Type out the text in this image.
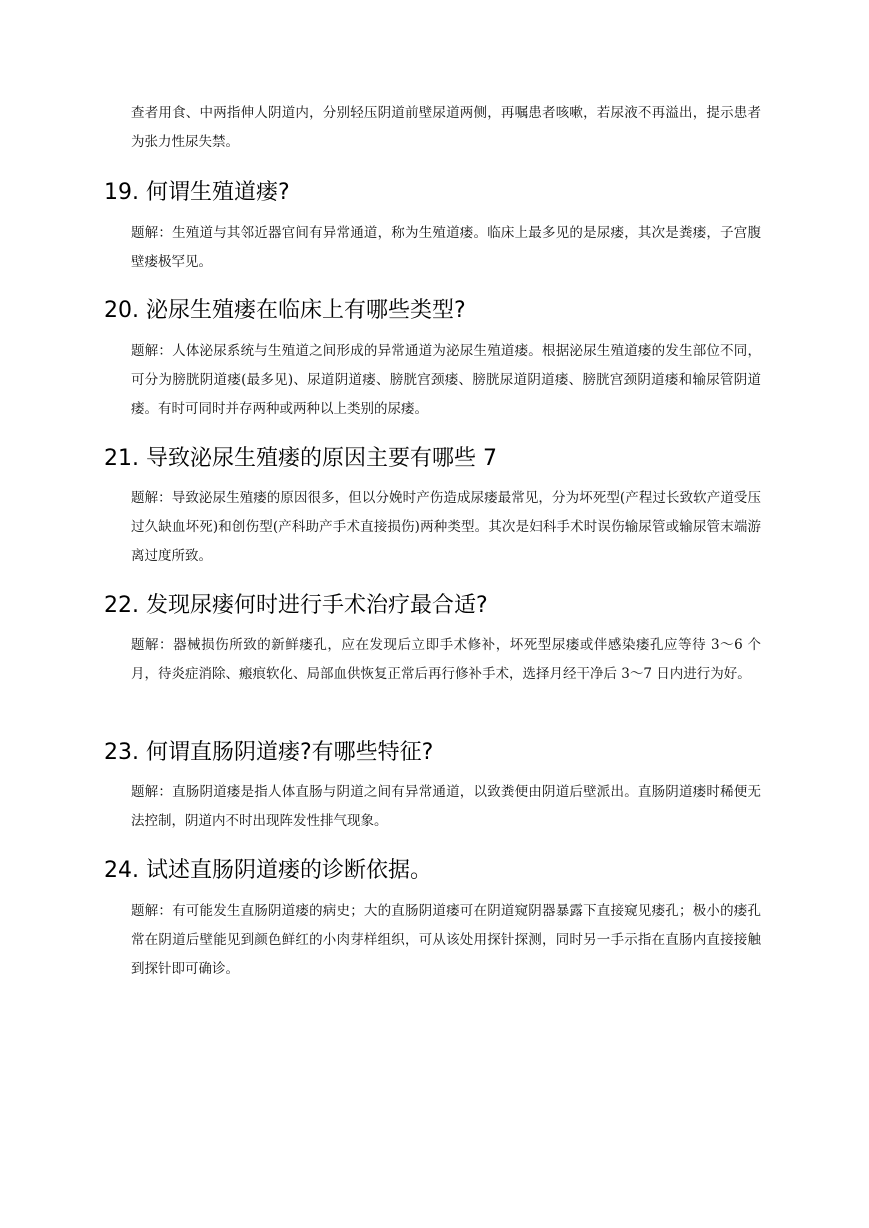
查者用食、中两指伸人阴道内，分别轻压阴道前壁尿道两侧，再嘱患者咳嗽，若尿液不再溢出，提示患者为张力性尿失禁。

19. 何谓生殖道瘘?

题解：生殖道与其邻近器官间有异常通道，称为生殖道瘘。临床上最多见的是尿瘘，其次是粪瘘，子宫腹壁瘘极罕见。

20. 泌尿生殖瘘在临床上有哪些类型?

题解：人体泌尿系统与生殖道之间形成的异常通道为泌尿生殖道瘘。根据泌尿生殖道瘘的发生部位不同，可分为膀胱阴道瘘(最多见)、尿道阴道瘘、膀胱宫颈瘘、膀胱尿道阴道瘘、膀胱宫颈阴道瘘和输尿管阴道瘘。有时可同时并存两种或两种以上类别的尿瘘。

21. 导致泌尿生殖瘘的原因主要有哪些 7

题解：导致泌尿生殖瘘的原因很多，但以分娩时产伤造成尿瘘最常见，分为坏死型(产程过长致软产道受压过久缺血坏死)和创伤型(产科助产手术直接损伤)两种类型。其次是妇科手术时误伤输尿管或输尿管末端游离过度所致。

22. 发现尿瘘何时进行手术治疗最合适?

题解：器械损伤所致的新鲜瘘孔，应在发现后立即手术修补，坏死型尿瘘或伴感染瘘孔应等待 3～6 个月，待炎症消除、瘢痕软化、局部血供恢复正常后再行修补手术，选择月经干净后 3～7 日内进行为好。

23. 何谓直肠阴道瘘?有哪些特征?

题解：直肠阴道瘘是指人体直肠与阴道之间有异常通道，以致粪便由阴道后壁派出。直肠阴道瘘时稀便无法控制，阴道内不时出现阵发性排气现象。

24. 试述直肠阴道瘘的诊断依据。

题解：有可能发生直肠阴道瘘的病史；大的直肠阴道瘘可在阴道窥阴器暴露下直接窥见瘘孔；极小的瘘孔常在阴道后壁能见到颜色鲜红的小肉芽样组织，可从该处用探针探测，同时另一手示指在直肠内直接接触到探针即可确诊。
